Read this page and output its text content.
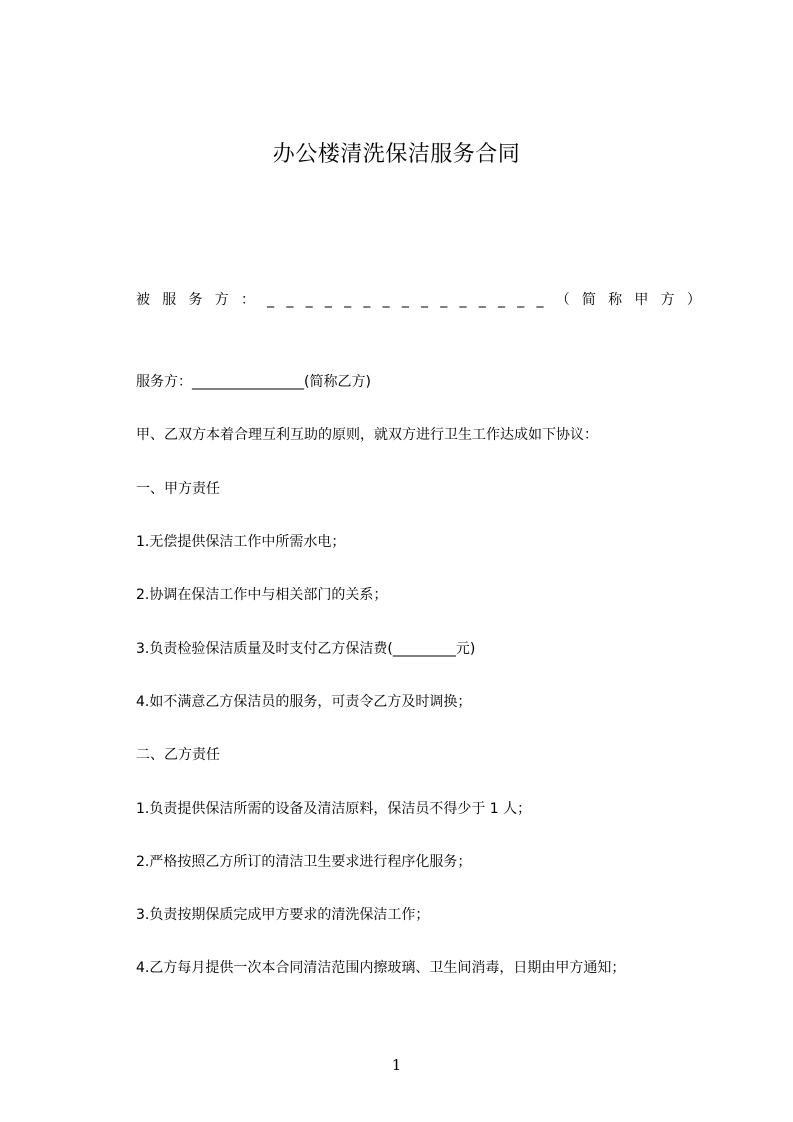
办公楼清洗保洁服务合同
被 服 务 方 ： _ _ _ _ _ _ _ _ _ _ _ _ _ _ _ （ 简 称 甲 方 ）
服务方：________________(简称乙方)
甲、乙双方本着合理互利互助的原则，就双方进行卫生工作达成如下协议：
一、甲方责任
1.无偿提供保洁工作中所需水电；
2.协调在保洁工作中与相关部门的关系；
3.负责检验保洁质量及时支付乙方保洁费(_________元)
4.如不满意乙方保洁员的服务，可责令乙方及时调换；
二、乙方责任
1.负责提供保洁所需的设备及清洁原料，保洁员不得少于 1 人；
2.严格按照乙方所订的清洁卫生要求进行程序化服务；
3.负责按期保质完成甲方要求的清洗保洁工作；
4.乙方每月提供一次本合同清洁范围内擦玻璃、卫生间消毒，日期由甲方通知；
1
